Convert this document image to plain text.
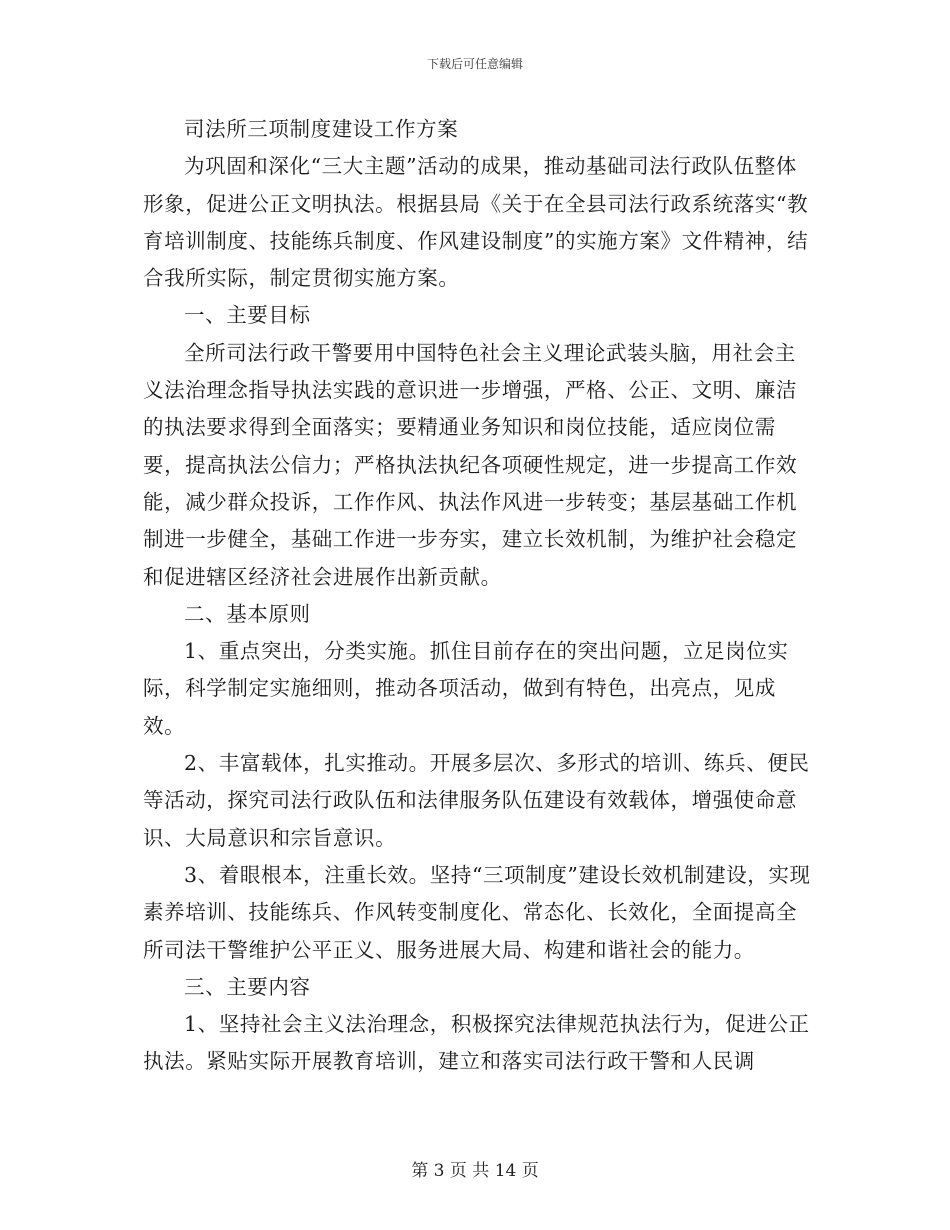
下载后可任意编辑

司法所三项制度建设工作方案

为巩固和深化“三大主题”活动的成果，推动基础司法行政队伍整体形象，促进公正文明执法。根据县局《关于在全县司法行政系统落实“教育培训制度、技能练兵制度、作风建设制度”的实施方案》文件精神，结合我所实际，制定贯彻实施方案。

一、主要目标

全所司法行政干警要用中国特色社会主义理论武装头脑，用社会主义法治理念指导执法实践的意识进一步增强，严格、公正、文明、廉洁的执法要求得到全面落实；要精通业务知识和岗位技能，适应岗位需要，提高执法公信力；严格执法执纪各项硬性规定，进一步提高工作效能，减少群众投诉，工作作风、执法作风进一步转变；基层基础工作机制进一步健全，基础工作进一步夯实，建立长效机制，为维护社会稳定和促进辖区经济社会进展作出新贡献。

二、基本原则

1、重点突出，分类实施。抓住目前存在的突出问题，立足岗位实际，科学制定实施细则，推动各项活动，做到有特色，出亮点，见成效。

2、丰富载体，扎实推动。开展多层次、多形式的培训、练兵、便民等活动，探究司法行政队伍和法律服务队伍建设有效载体，增强使命意识、大局意识和宗旨意识。

3、着眼根本，注重长效。坚持“三项制度”建设长效机制建设，实现素养培训、技能练兵、作风转变制度化、常态化、长效化，全面提高全所司法干警维护公平正义、服务进展大局、构建和谐社会的能力。

三、主要内容

1、坚持社会主义法治理念，积极探究法律规范执法行为，促进公正执法。紧贴实际开展教育培训，建立和落实司法行政干警和人民调

第 3 页 共 14 页
